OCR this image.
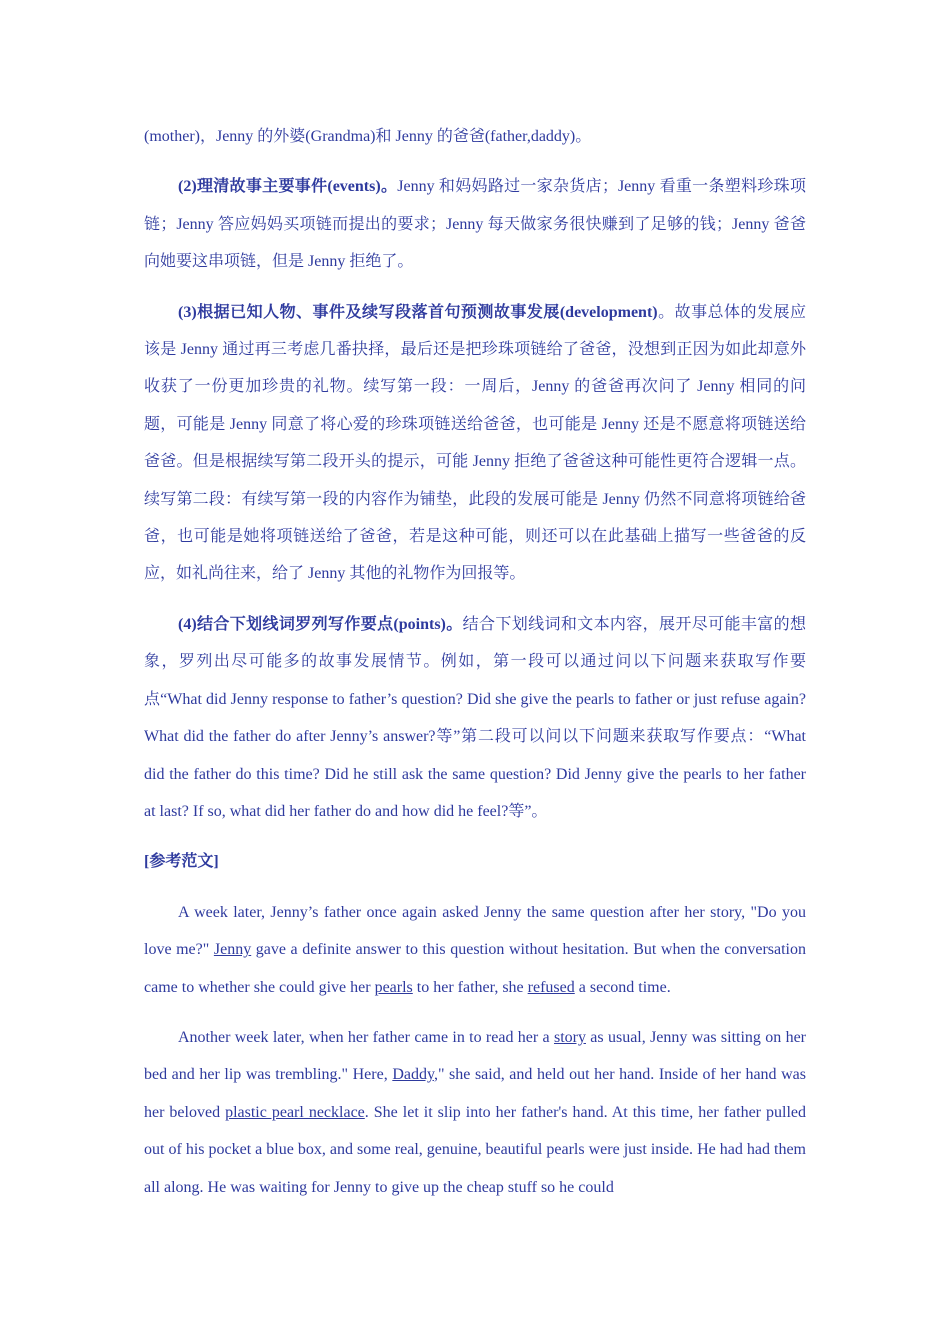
(mother)，Jenny 的外婆(Grandma)和 Jenny 的爸爸(father,daddy)。

(2)理清故事主要事件(events)。Jenny 和妈妈路过一家杂货店；Jenny 看重一条塑料珍珠项链；Jenny 答应妈妈买项链而提出的要求；Jenny 每天做家务很快赚到了足够的钱；Jenny 爸爸向她要这串项链，但是 Jenny 拒绝了。

(3)根据已知人物、事件及续写段落首句预测故事发展(development)。故事总体的发展应该是 Jenny 通过再三考虑几番抉择，最后还是把珍珠项链给了爸爸，没想到正因为如此却意外收获了一份更加珍贵的礼物。续写第一段：一周后，Jenny 的爸爸再次问了 Jenny 相同的问题，可能是 Jenny 同意了将心爱的珍珠项链送给爸爸，也可能是 Jenny 还是不愿意将项链送给爸爸。但是根据续写第二段开头的提示，可能 Jenny 拒绝了爸爸这种可能性更符合逻辑一点。续写第二段：有续写第一段的内容作为铺垫，此段的发展可能是 Jenny 仍然不同意将项链给爸爸，也可能是她将项链送给了爸爸，若是这种可能，则还可以在此基础上描写一些爸爸的反应，如礼尚往来，给了 Jenny 其他的礼物作为回报等。

(4)结合下划线词罗列写作要点(points)。结合下划线词和文本内容，展开尽可能丰富的想象，罗列出尽可能多的故事发展情节。例如，第一段可以通过问以下问题来获取写作要点“What did Jenny response to father’s question? Did she give the pearls to father or just refuse again? What did the father do after Jenny’s answer?等”第二段可以问以下问题来获取写作要点：“What did the father do this time? Did he still ask the same question? Did Jenny give the pearls to her father at last? If so, what did her father do and how did he feel?等”。

[参考范文]

A week later, Jenny’s father once again asked Jenny the same question after her story, "Do you love me?" Jenny gave a definite answer to this question without hesitation. But when the conversation came to whether she could give her pearls to her father, she refused a second time.

Another week later, when her father came in to read her a story as usual, Jenny was sitting on her bed and her lip was trembling." Here, Daddy," she said, and held out her hand. Inside of her hand was her beloved plastic pearl necklace. She let it slip into her father's hand. At this time, her father pulled out of his pocket a blue box, and some real, genuine, beautiful pearls were just inside. He had had them all along. He was waiting for Jenny to give up the cheap stuff so he could
